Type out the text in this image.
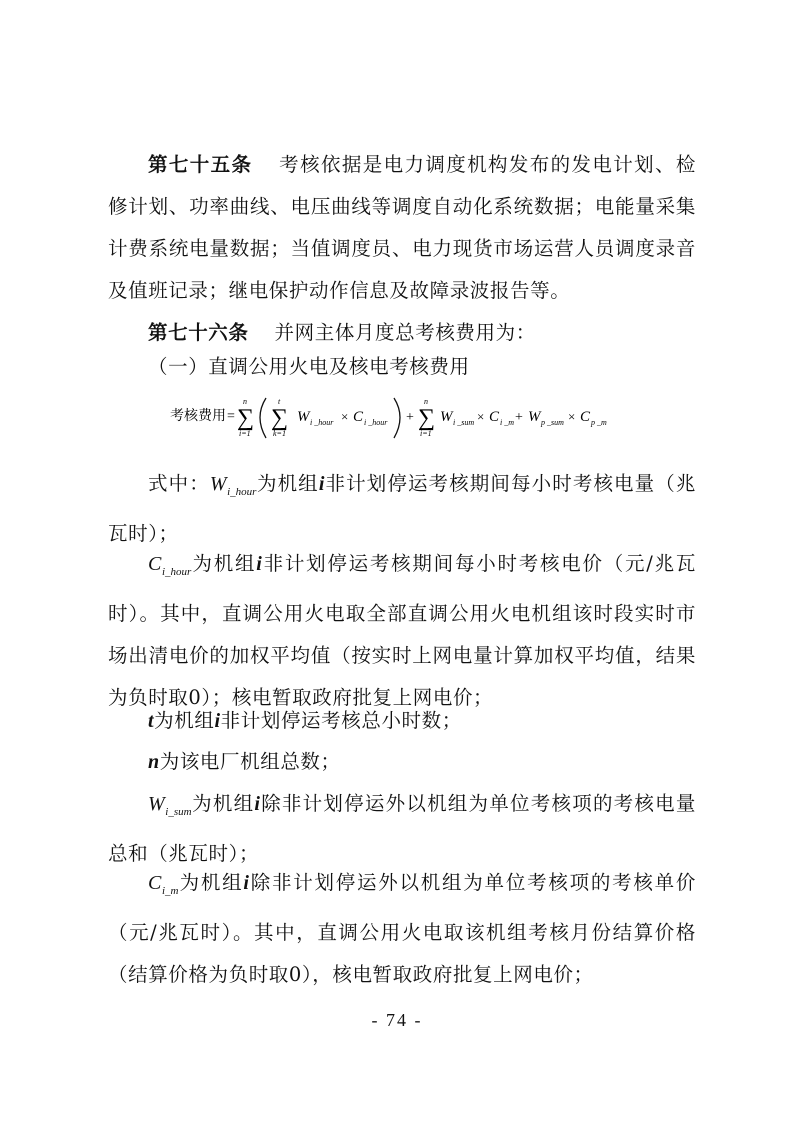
第七十五条 考核依据是电力调度机构发布的发电计划、检修计划、功率曲线、电压曲线等调度自动化系统数据；电能量采集计费系统电量数据；当值调度员、电力现货市场运营人员调度录音及值班记录；继电保护动作信息及故障录波报告等。

第七十六条 并网主体月度总考核费用为：

（一）直调公用火电及核电考核费用

考核费用 =
n
∑
i=1
t
∑
k=1
W i _hour × C i _hour +
n
∑
i=1
W i _sum × C i _m + W p _sum × C p _m

式中：$W_{i\_hour}$为机组i非计划停运考核期间每小时考核电量（兆瓦时）；

$C_{i\_hour}$为机组i非计划停运考核期间每小时考核电价（元/兆瓦时）。其中，直调公用火电取全部直调公用火电机组该时段实时市场出清电价的加权平均值（按实时上网电量计算加权平均值，结果为负时取0）；核电暂取政府批复上网电价；

t为机组i非计划停运考核总小时数；

n为该电厂机组总数；

$W_{i\_sum}$为机组i除非计划停运外以机组为单位考核项的考核电量总和（兆瓦时）；

$C_{i\_m}$为机组i除非计划停运外以机组为单位考核项的考核单价（元/兆瓦时）。其中，直调公用火电取该机组考核月份结算价格（结算价格为负时取0），核电暂取政府批复上网电价；

- 74 -
